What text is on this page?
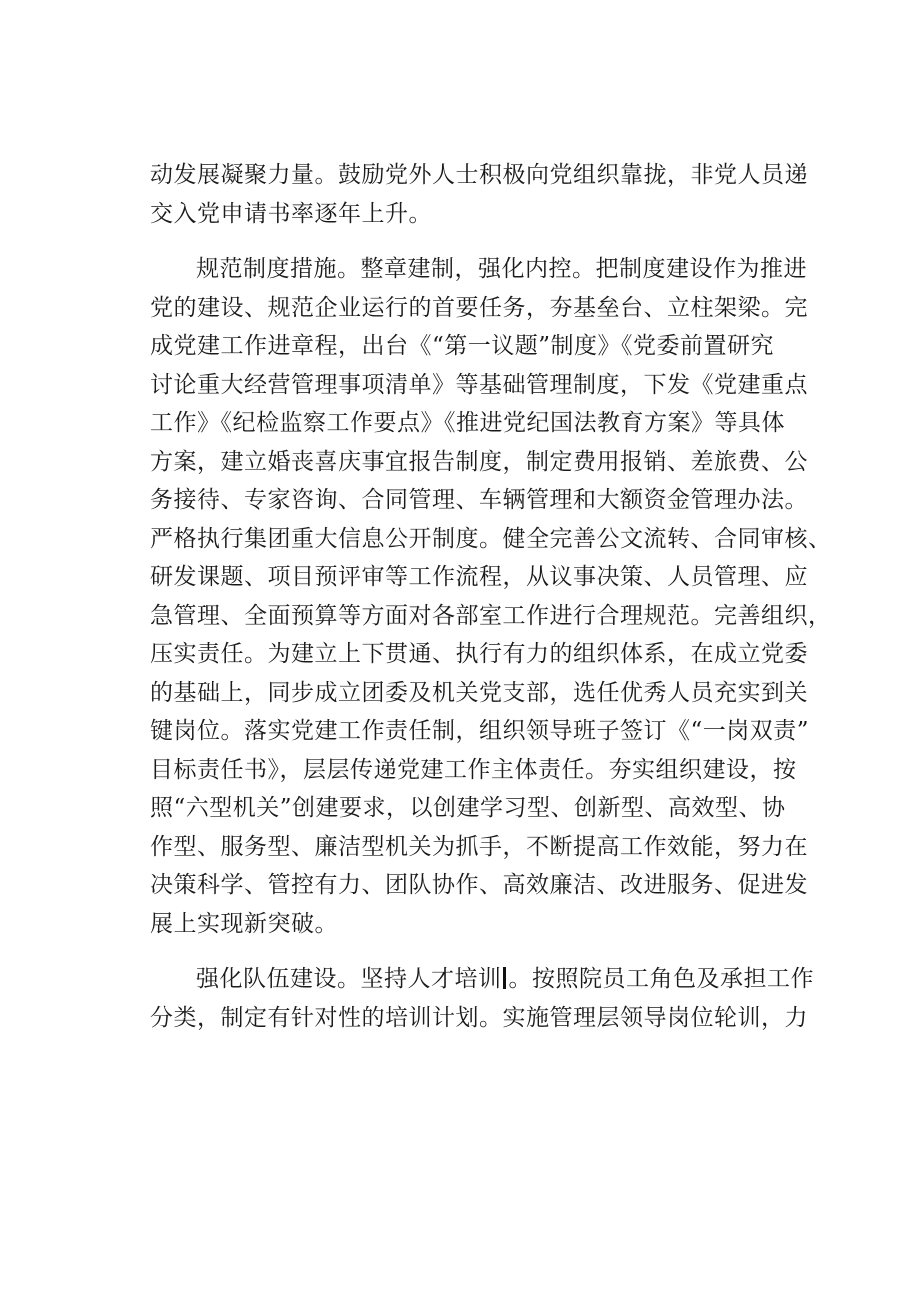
动发展凝聚力量。鼓励党外人士积极向党组织靠拢，非党人员递
交入党申请书率逐年上升。
规范制度措施。整章建制，强化内控。把制度建设作为推进
党的建设、规范企业运行的首要任务，夯基垒台、立柱架梁。完
成党建工作进章程，出台《“第一议题”制度》《党委前置研究
讨论重大经营管理事项清单》等基础管理制度，下发《党建重点
工作》《纪检监察工作要点》《推进党纪国法教育方案》等具体
方案，建立婚丧喜庆事宜报告制度，制定费用报销、差旅费、公
务接待、专家咨询、合同管理、车辆管理和大额资金管理办法。
严格执行集团重大信息公开制度。健全完善公文流转、合同审核、
研发课题、项目预评审等工作流程，从议事决策、人员管理、应
急管理、全面预算等方面对各部室工作进行合理规范。完善组织，
压实责任。为建立上下贯通、执行有力的组织体系，在成立党委
的基础上，同步成立团委及机关党支部，选任优秀人员充实到关
键岗位。落实党建工作责任制，组织领导班子签订《“一岗双责”
目标责任书》，层层传递党建工作主体责任。夯实组织建设，按
照“六型机关”创建要求，以创建学习型、创新型、高效型、协
作型、服务型、廉洁型机关为抓手，不断提高工作效能，努力在
决策科学、管控有力、团队协作、高效廉洁、改进服务、促进发
展上实现新突破。
强化队伍建设。坚持人才培训 。按照院员工角色及承担工作
分类，制定有针对性的培训计划。实施管理层领导岗位轮训，力
